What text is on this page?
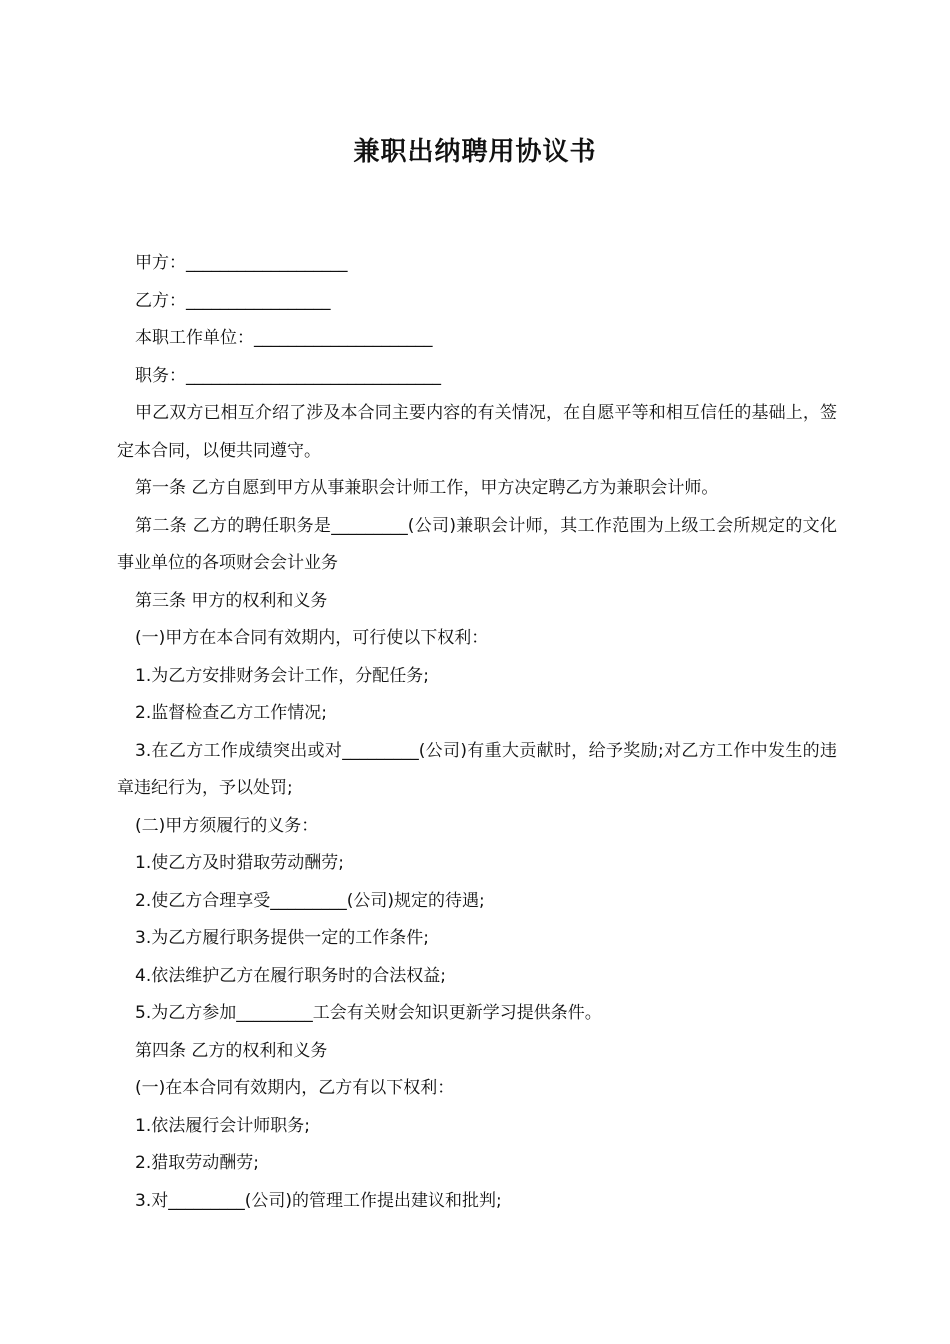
兼职出纳聘用协议书

甲方：___________________

乙方：_________________

本职工作单位：_____________________

职务：______________________________

甲乙双方已相互介绍了涉及本合同主要内容的有关情况，在自愿平等和相互信任的基础上，签定本合同，以便共同遵守。

第一条 乙方自愿到甲方从事兼职会计师工作，甲方决定聘乙方为兼职会计师。

第二条 乙方的聘任职务是_________(公司)兼职会计师，其工作范围为上级工会所规定的文化事业单位的各项财会会计业务

第三条 甲方的权利和义务

(一)甲方在本合同有效期内，可行使以下权利：

1.为乙方安排财务会计工作，分配任务;

2.监督检查乙方工作情况;

3.在乙方工作成绩突出或对_________(公司)有重大贡献时，给予奖励;对乙方工作中发生的违章违纪行为，予以处罚;

(二)甲方须履行的义务：

1.使乙方及时猎取劳动酬劳;

2.使乙方合理享受_________(公司)规定的待遇;

3.为乙方履行职务提供一定的工作条件;

4.依法维护乙方在履行职务时的合法权益;

5.为乙方参加_________工会有关财会知识更新学习提供条件。

第四条 乙方的权利和义务

(一)在本合同有效期内，乙方有以下权利：

1.依法履行会计师职务;

2.猎取劳动酬劳;

3.对_________(公司)的管理工作提出建议和批判;
